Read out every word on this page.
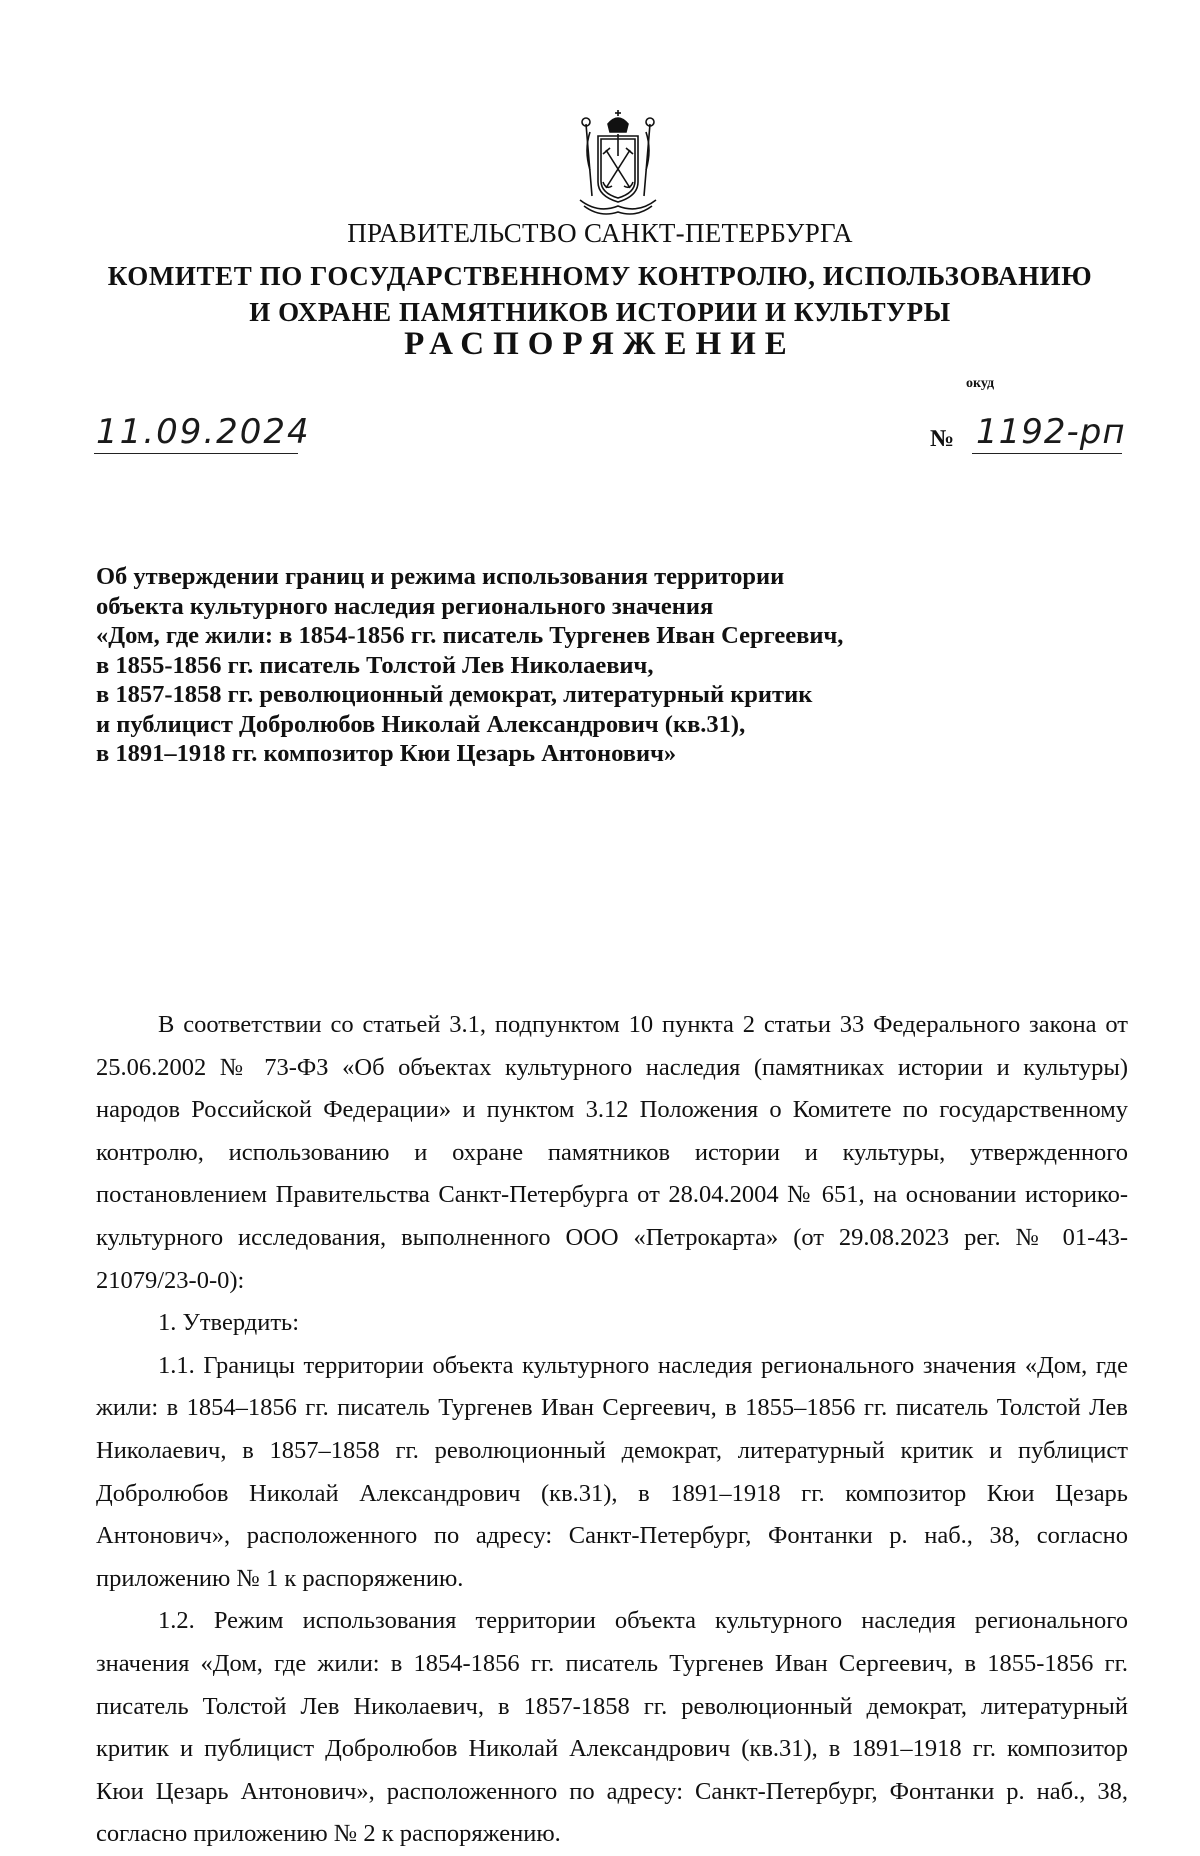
ПРАВИТЕЛЬСТВО САНКТ-ПЕТЕРБУРГА
КОМИТЕТ ПО ГОСУДАРСТВЕННОМУ КОНТРОЛЮ, ИСПОЛЬЗОВАНИЮ
И ОХРАНЕ ПАМЯТНИКОВ ИСТОРИИ И КУЛЬТУРЫ
РАСПОРЯЖЕНИЕ
окуд
11.09.2024	№ 1192-рп
Об утверждении границ и режима использования территории
объекта культурного наследия регионального значения
«Дом, где жили: в 1854-1856 гг. писатель Тургенев Иван Сергеевич,
в 1855-1856 гг. писатель Толстой Лев Николаевич,
в 1857-1858 гг. революционный демократ, литературный критик
и публицист Добролюбов Николай Александрович (кв.31),
в 1891–1918 гг. композитор Кюи Цезарь Антонович»

В соответствии со статьей 3.1, подпунктом 10 пункта 2 статьи 33 Федерального закона от 25.06.2002 № 73-ФЗ «Об объектах культурного наследия (памятниках истории и культуры) народов Российской Федерации» и пунктом 3.12 Положения о Комитете по государственному контролю, использованию и охране памятников истории и культуры, утвержденного постановлением Правительства Санкт-Петербурга от 28.04.2004 № 651, на основании историко-культурного исследования, выполненного ООО «Петрокарта» (от 29.08.2023 рег. № 01-43-21079/23-0-0):

1. Утвердить:

1.1. Границы территории объекта культурного наследия регионального значения «Дом, где жили: в 1854–1856 гг. писатель Тургенев Иван Сергеевич, в 1855–1856 гг. писатель Толстой Лев Николаевич, в 1857–1858 гг. революционный демократ, литературный критик и публицист Добролюбов Николай Александрович (кв.31), в 1891–1918 гг. композитор Кюи Цезарь Антонович», расположенного по адресу: Санкт-Петербург, Фонтанки р. наб., 38, согласно приложению № 1 к распоряжению.

1.2. Режим использования территории объекта культурного наследия регионального значения «Дом, где жили: в 1854-1856 гг. писатель Тургенев Иван Сергеевич, в 1855-1856 гг. писатель Толстой Лев Николаевич, в 1857-1858 гг. революционный демократ, литературный критик и публицист Добролюбов Николай Александрович (кв.31), в 1891–1918 гг. композитор Кюи Цезарь Антонович», расположенного по адресу: Санкт-Петербург, Фонтанки р. наб., 38, согласно приложению № 2 к распоряжению.
